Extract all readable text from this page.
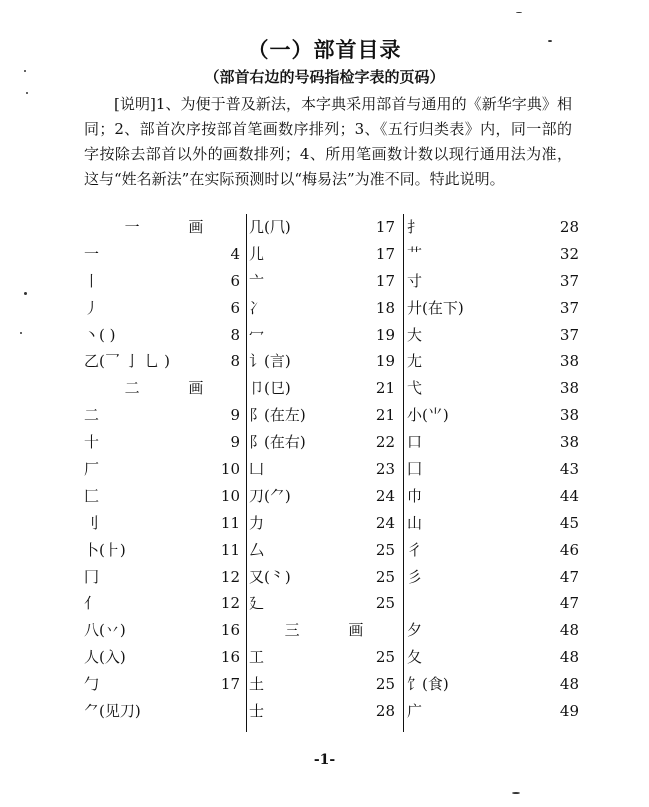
（一）部首目录
（部首右边的号码指检字表的页码）
[说明]1、为便于普及新法，本字典采用部首与通用的《新华字典》相同；2、部首次序按部首笔画数序排列；3、《五行归类表》内，同一部的字按除去部首以外的画数排列；4、所用笔画数计数以现行通用法为准，这与“姓名新法”在实际预测时以“梅易法”为准不同。特此说明。
一 画
一	4
丨	6
丿	6
丶( )	8
乙(乛 亅 乚 )	8
二 画
二	9
十	9
厂	10
匚	10
刂	11
卜(⺊)	11
冂	12
亻	12
八(丷)	16
人(入)	16
勹	17
⺈(见刀)
几(⺇)	17
儿	17
亠	17
冫	18
冖	19
讠(言)	19
卩(㔾)	21
阝(在左)	21
阝(在右)	22
凵	23
刀(⺈)	24
力	24
厶	25
又(⺀)	25
廴	25
三 画
工	25
土	25
士	28
扌	28
艹	32
寸	37
廾(在下)	37
大	37
尢	38
弋	38
小(⺌)	38
口	38
囗	43
巾	44
山	45
彳	46
彡	47
47
夕	48
夂	48
饣(食)	48
广	49
-1-
